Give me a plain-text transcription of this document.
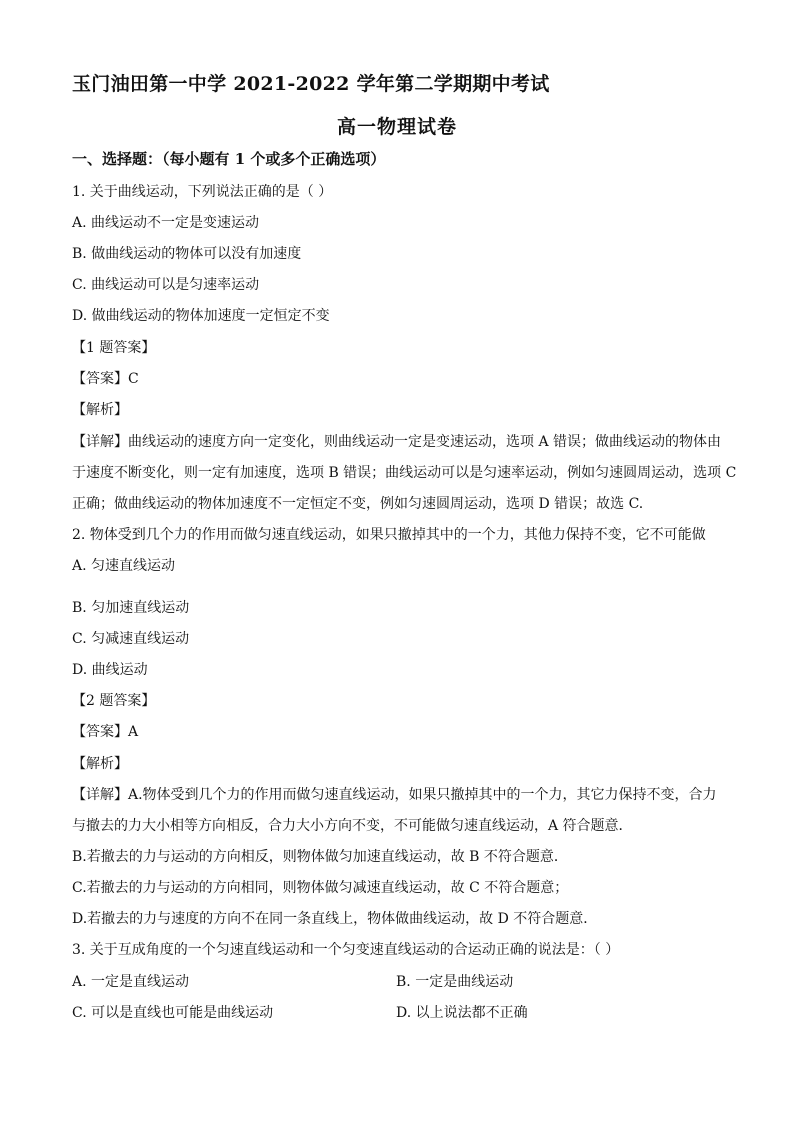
玉门油田第一中学 2021-2022 学年第二学期期中考试
高一物理试卷
一、选择题：（每小题有 1 个或多个正确选项）
1. 关于曲线运动，下列说法正确的是（ ）
A. 曲线运动不一定是变速运动
B. 做曲线运动的物体可以没有加速度
C. 曲线运动可以是匀速率运动
D. 做曲线运动的物体加速度一定恒定不变
【1 题答案】
【答案】C
【解析】
【详解】曲线运动的速度方向一定变化，则曲线运动一定是变速运动，选项 A 错误；做曲线运动的物体由
于速度不断变化，则一定有加速度，选项 B 错误；曲线运动可以是匀速率运动，例如匀速圆周运动，选项 C
正确；做曲线运动的物体加速度不一定恒定不变，例如匀速圆周运动，选项 D 错误；故选 C.
2. 物体受到几个力的作用而做匀速直线运动，如果只撤掉其中的一个力，其他力保持不变，它不可能做
A. 匀速直线运动
B. 匀加速直线运动
C. 匀减速直线运动
D. 曲线运动
【2 题答案】
【答案】A
【解析】
【详解】A.物体受到几个力的作用而做匀速直线运动，如果只撤掉其中的一个力，其它力保持不变，合力
与撤去的力大小相等方向相反，合力大小方向不变，不可能做匀速直线运动，A 符合题意．
B.若撤去的力与运动的方向相反，则物体做匀加速直线运动，故 B 不符合题意．
C.若撤去的力与运动的方向相同，则物体做匀减速直线运动，故 C 不符合题意；
D.若撤去的力与速度的方向不在同一条直线上，物体做曲线运动，故 D 不符合题意．
3. 关于互成角度的一个匀速直线运动和一个匀变速直线运动的合运动正确的说法是：（ ）
A. 一定是直线运动	B. 一定是曲线运动
C. 可以是直线也可能是曲线运动	D. 以上说法都不正确
